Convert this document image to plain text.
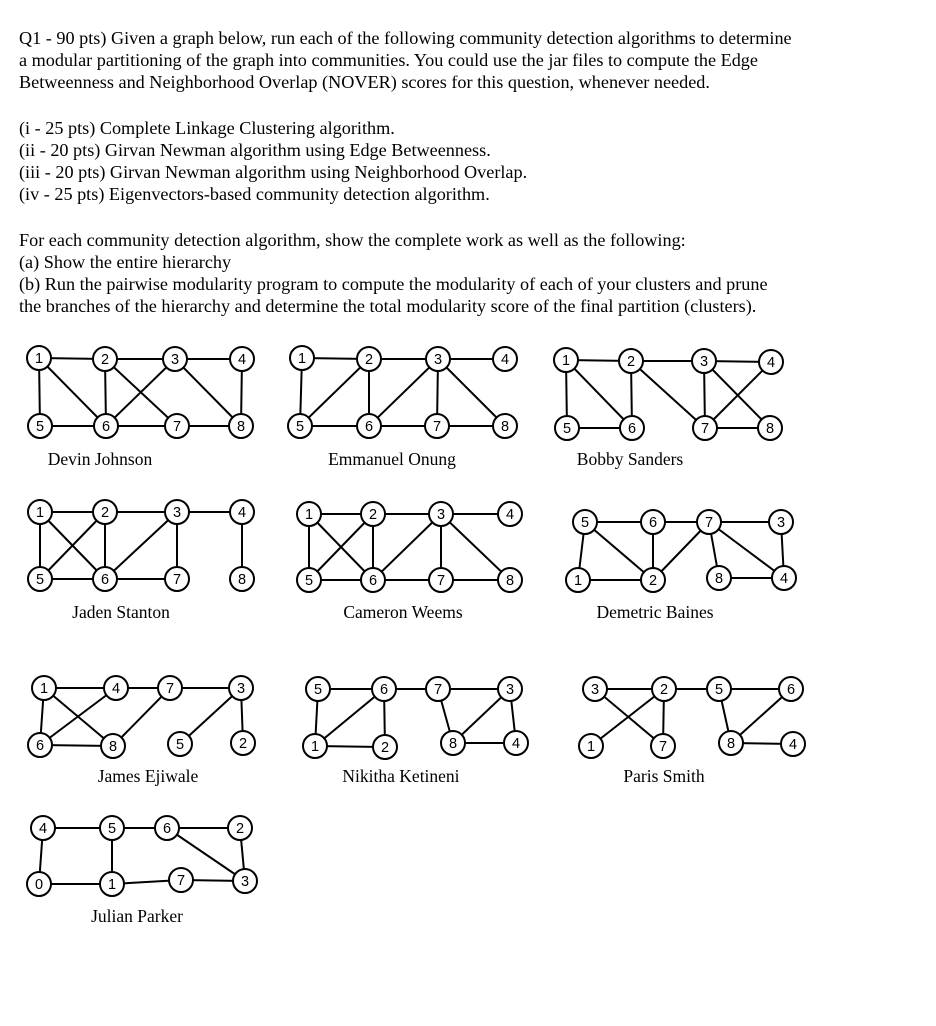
Q1 - 90 pts) Given a graph below, run each of the following community detection algorithms to determine

a modular partitioning of the graph into communities. You could use the jar files to compute the Edge

Betweenness and Neighborhood Overlap (NOVER) scores for this question, whenever needed.

(i - 25 pts) Complete Linkage Clustering algorithm.

(ii - 20 pts) Girvan Newman algorithm using Edge Betweenness.

(iii - 20 pts) Girvan Newman algorithm using Neighborhood Overlap.

(iv - 25 pts) Eigenvectors-based community detection algorithm.

For each community detection algorithm, show the complete work as well as the following:

(a) Show the entire hierarchy

(b) Run the pairwise modularity program to compute the modularity of each of your clusters and prune

the branches of the hierarchy and determine the total modularity score of the final partition (clusters).

1	2	3	4
5	6	7	8
Devin Johnson
1	2	3	4
5	6	7	8
Emmanuel Onung
1	2	3	4
5	6	7	8
Bobby Sanders
1	2	3	4
5	6	7	8
Jaden Stanton
1	2	3	4
5	6	7	8
Cameron Weems
5	6	7	3
1	2	8	4
Demetric Baines
1	4	7	3
6	8	5	2
James Ejiwale
5	6	7	3
1	2	8	4
Nikitha Ketineni
3	2	5	6
1	7	8	4
Paris Smith
4	5	6	2
0	1	7	3
Julian Parker
